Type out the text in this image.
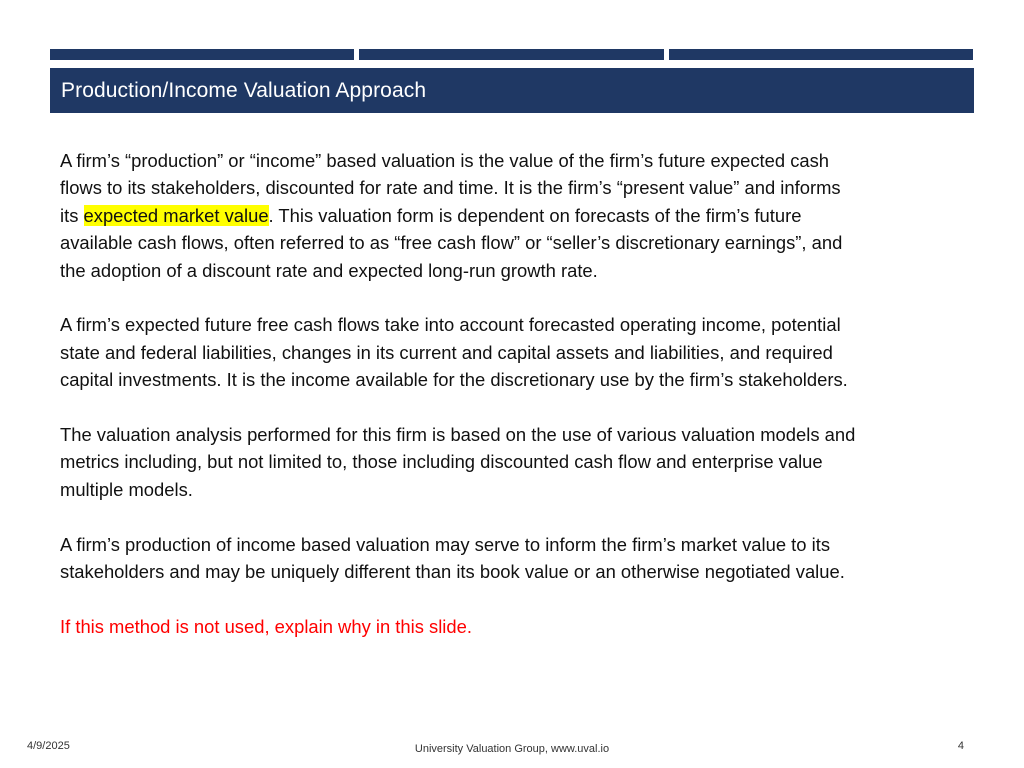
Production/Income Valuation Approach

A firm’s “production” or “income” based valuation is the value of the firm’s future expected cash
flows to its stakeholders, discounted for rate and time. It is the firm’s “present value” and informs
its expected market value. This valuation form is dependent on forecasts of the firm’s future
available cash flows, often referred to as “free cash flow” or “seller’s discretionary earnings”, and
the adoption of a discount rate and expected long-run growth rate.

A firm’s expected future free cash flows take into account forecasted operating income, potential
state and federal liabilities, changes in its current and capital assets and liabilities, and required
capital investments. It is the income available for the discretionary use by the firm’s stakeholders.

The valuation analysis performed for this firm is based on the use of various valuation models and
metrics including, but not limited to, those including discounted cash flow and enterprise value
multiple models.

A firm’s production of income based valuation may serve to inform the firm’s market value to its
stakeholders and may be uniquely different than its book value or an otherwise negotiated value.

If this method is not used, explain why in this slide.

4/9/2025	University Valuation Group, www.uval.io	4
